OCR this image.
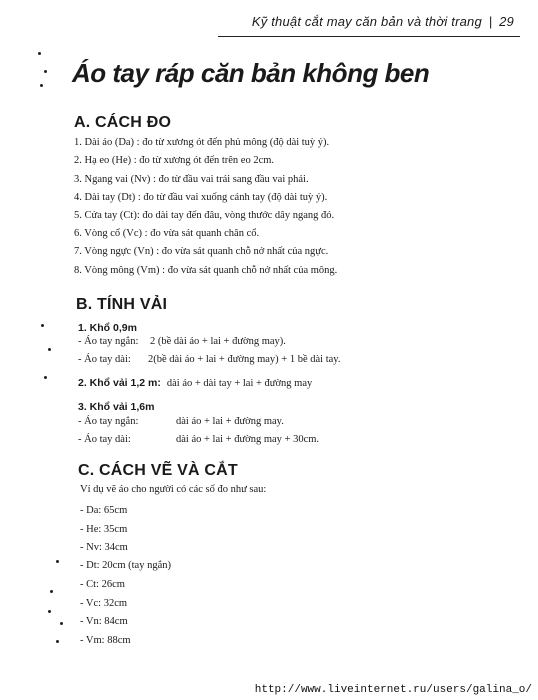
Kỹ thuật cắt may căn bản và thời trang | 29
Áo tay ráp căn bản không ben
A. CÁCH ĐO
1. Dài áo (Da) : đo từ xương ót đến phủ mông (độ dài tuỳ ý).
2. Hạ eo (He) : đo từ xương ót đến trên eo 2cm.
3. Ngang vai (Nv) : đo từ đầu vai trái sang đầu vai phải.
4. Dài tay (Dt) : đo từ đầu vai xuống cánh tay (độ dài tuỳ ý).
5. Cửa tay (Ct): đo dài tay đến đâu, vòng thước dây ngang đó.
6. Vòng cổ (Vc) : đo vừa sát quanh chân cổ.
7. Vòng ngực (Vn) : đo vừa sát quanh chỗ nở nhất của ngực.
8. Vòng mông (Vm) : đo vừa sát quanh chỗ nở nhất của mông.
B. TÍNH VẢI
1. Khổ 0,9m
- Áo tay ngắn: 2 (bề dài áo + lai + đường may).
- Áo tay dài: 2(bề dài áo + lai + đường may) + 1 bề dài tay.
2. Khổ vải 1,2 m: dài áo + dài tay + lai + đường may
3. Khổ vải 1,6m
- Áo tay ngắn:	dài áo + lai + đường may.
- Áo tay dài:	dài áo + lai + đường may + 30cm.
C. CÁCH VẼ VÀ CẮT
Ví dụ vẽ áo cho người có các số đo như sau:
- Da: 65cm
- He: 35cm
- Nv: 34cm
- Dt: 20cm (tay ngắn)
- Ct: 26cm
- Vc: 32cm
- Vn: 84cm
- Vm: 88cm
http://www.liveinternet.ru/users/galina_o/
